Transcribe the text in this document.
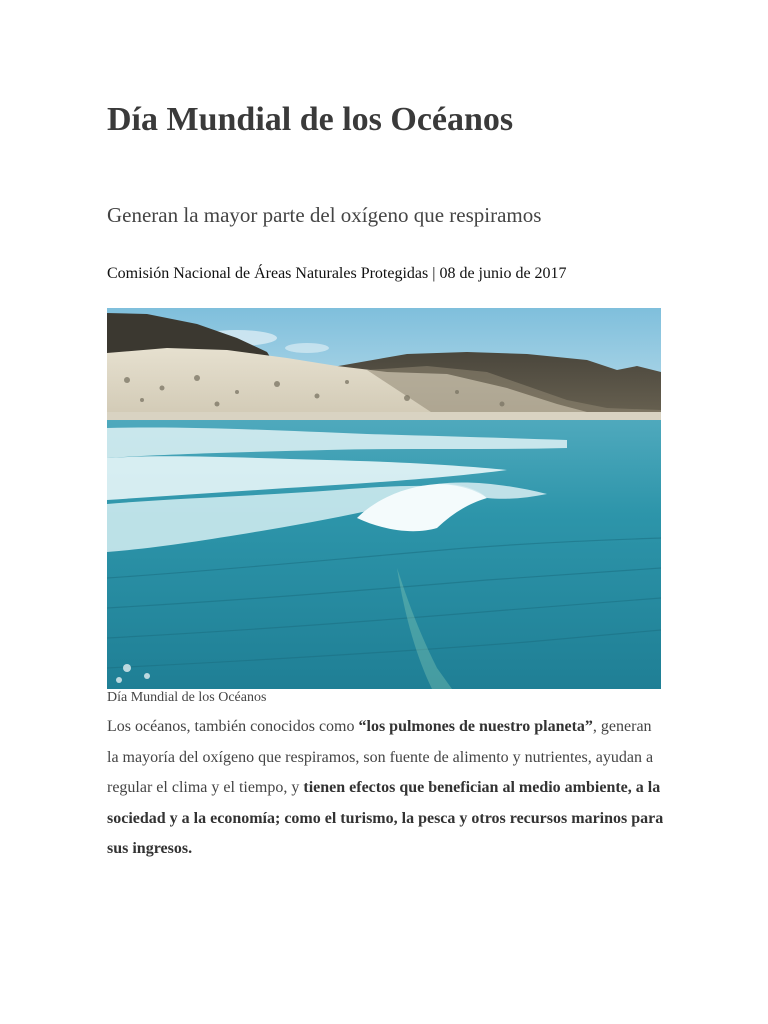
Día Mundial de los Océanos
Generan la mayor parte del oxígeno que respiramos

Comisión Nacional de Áreas Naturales Protegidas | 08 de junio de 2017

Día Mundial de los Océanos

Los océanos, también conocidos como “los pulmones de nuestro planeta”, generan la mayoría del oxígeno que respiramos, son fuente de alimento y nutrientes, ayudan a regular el clima y el tiempo, y tienen efectos que benefician al medio ambiente, a la sociedad y a la economía; como el turismo, la pesca y otros recursos marinos para sus ingresos.
